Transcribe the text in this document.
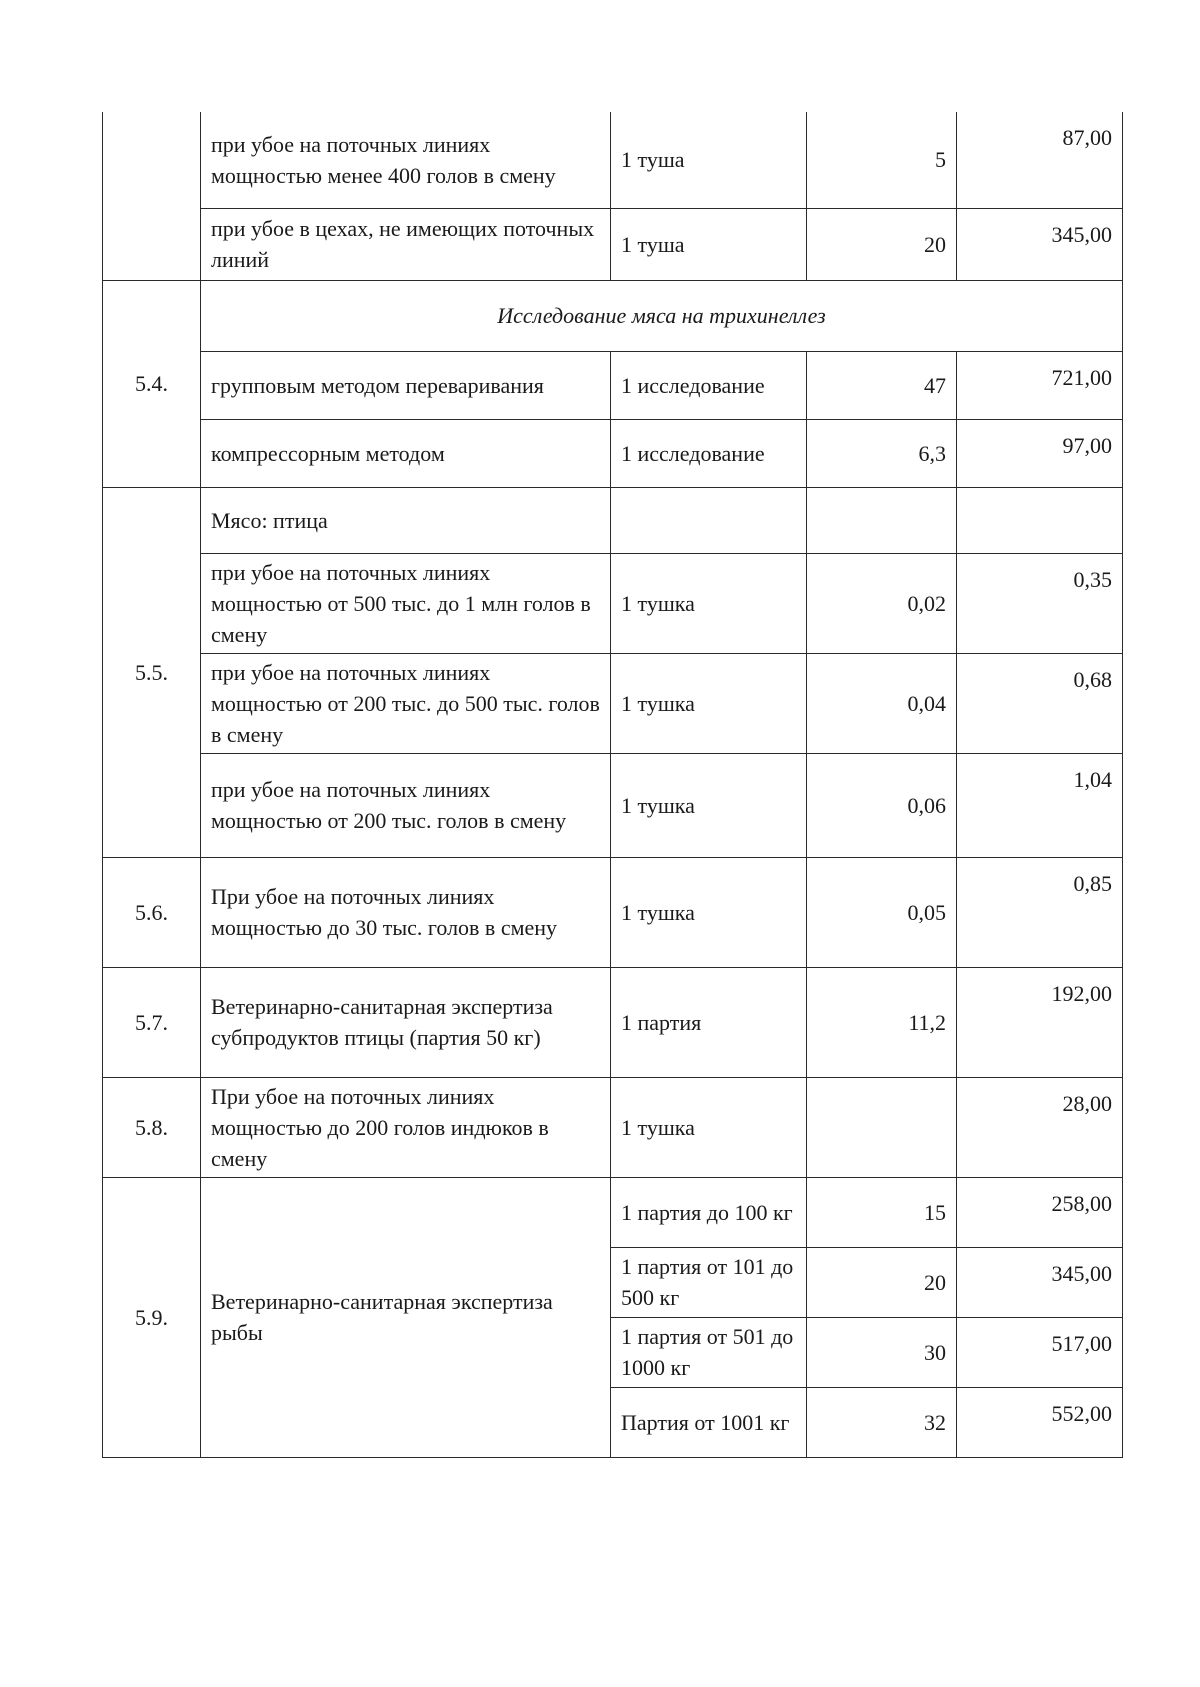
	при убое на поточных линиях мощностью менее 400 голов в смену	1 туша	5	87,00
	при убое в цехах, не имеющих поточных линий	1 туша	20	345,00
5.4.	Исследование мяса на трихинеллез			
	групповым методом переваривания	1 исследование	47	721,00
	компрессорным методом	1 исследование	6,3	97,00
5.5.	Мясо: птица			
	при убое на поточных линиях мощностью от 500 тыс. до 1 млн голов в смену	1 тушка	0,02	0,35
	при убое на поточных линиях мощностью от 200 тыс. до 500 тыс. голов в смену	1 тушка	0,04	0,68
	при убое на поточных линиях мощностью от 200 тыс. голов в смену	1 тушка	0,06	1,04
5.6.	При убое на поточных линиях мощностью до 30 тыс. голов в смену	1 тушка	0,05	0,85
5.7.	Ветеринарно-санитарная экспертиза субпродуктов птицы (партия 50 кг)	1 партия	11,2	192,00
5.8.	При убое на поточных линиях мощностью до 200 голов индюков в смену	1 тушка		28,00
5.9.	Ветеринарно-санитарная экспертиза рыбы	1 партия до 100 кг	15	258,00
		1 партия от 101 до 500 кг	20	345,00
		1 партия от 501 до 1000 кг	30	517,00
		Партия от 1001 кг	32	552,00
